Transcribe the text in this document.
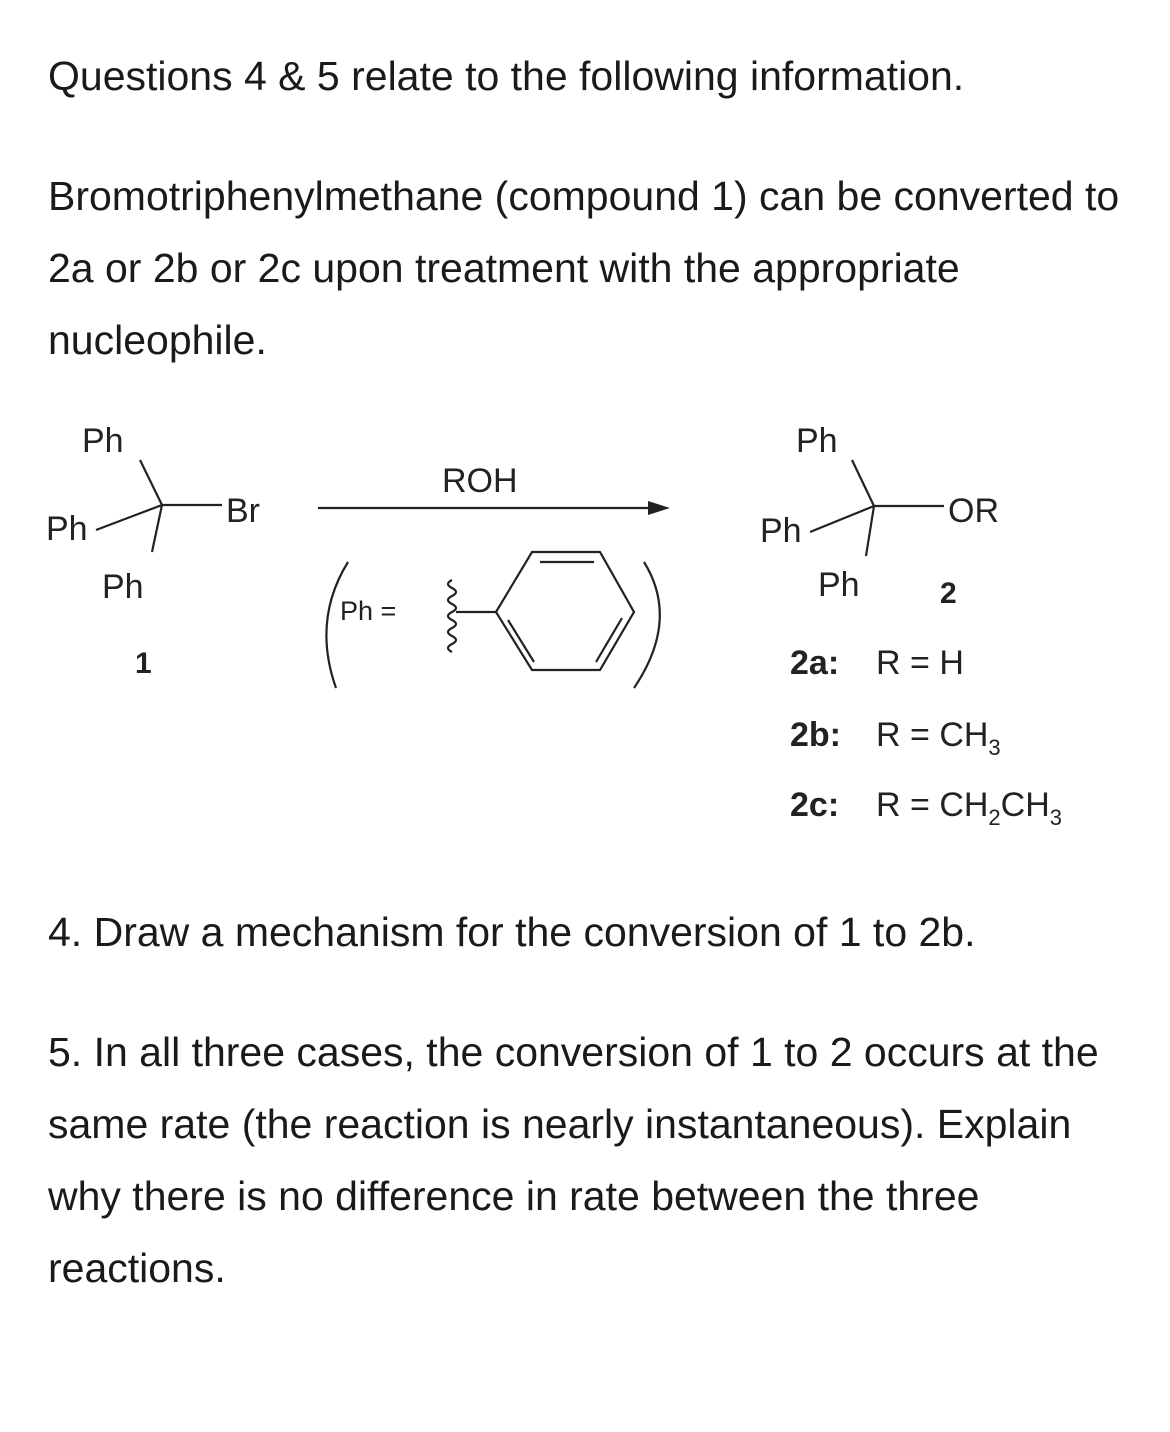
Questions 4 & 5 relate to the following information.

Bromotriphenylmethane (compound 1) can be converted to 2a or 2b or 2c upon treatment with the appropriate nucleophile.

Ph
Ph
Ph
Br
1
ROH
Ph =
Ph
Ph
Ph
OR
2
2a: R = H
2b: $R = CH_3$
2c: $R = CH_2CH_3$

4. Draw a mechanism for the conversion of 1 to 2b.

5. In all three cases, the conversion of 1 to 2 occurs at the same rate (the reaction is nearly instantaneous). Explain why there is no difference in rate between the three reactions.
